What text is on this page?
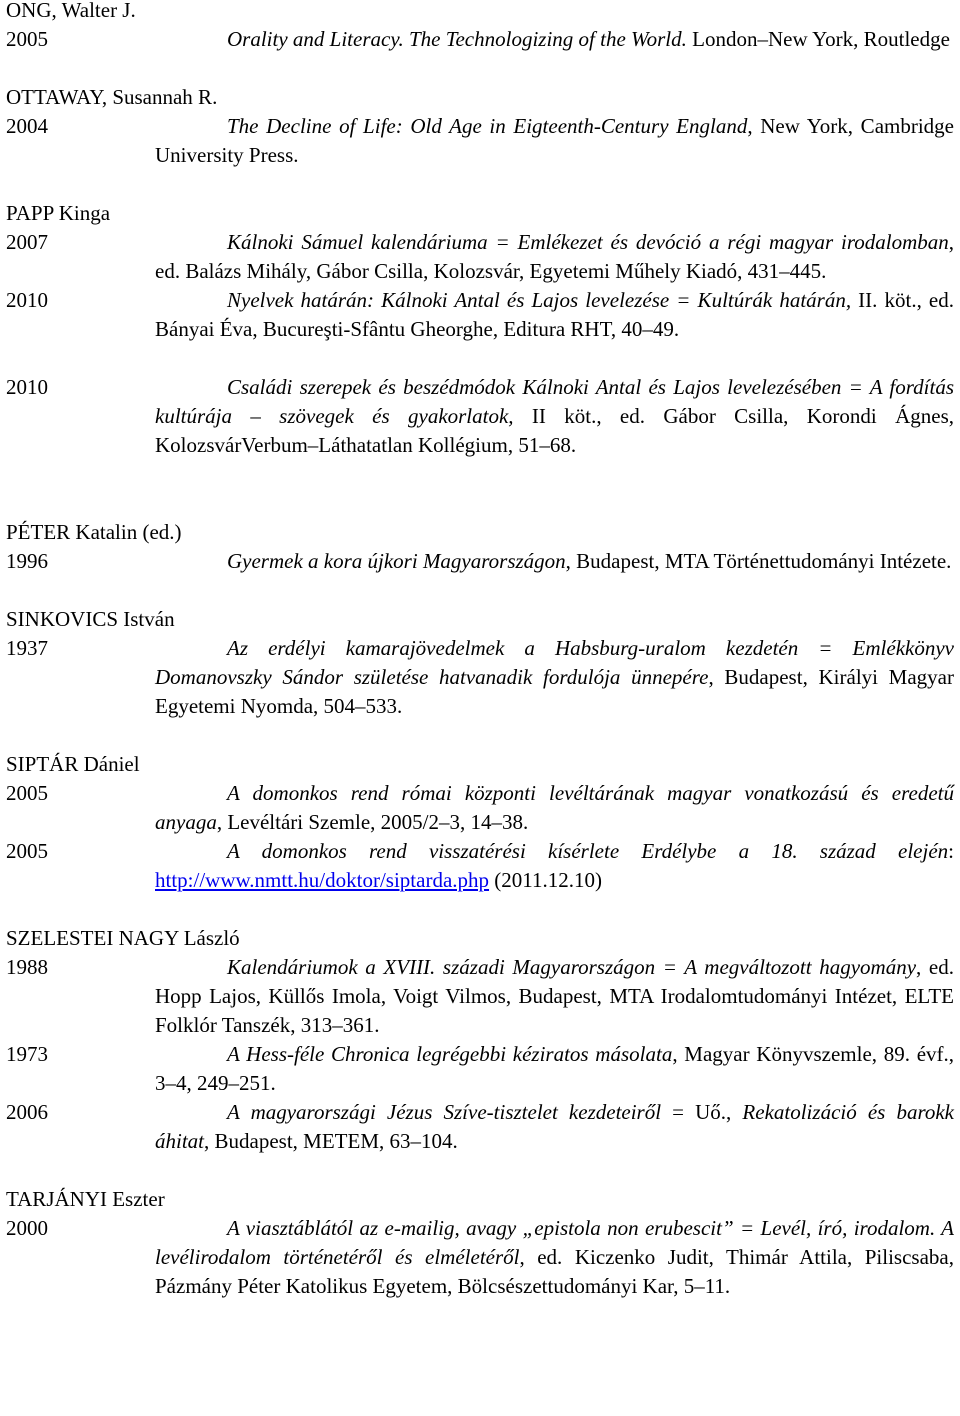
ONG, Walter J.
2005	Orality and Literacy. The Technologizing of the World. London–New York, Routledge
OTTAWAY, Susannah R.
2004	The Decline of Life: Old Age in Eigteenth-Century England, New York, Cambridge University Press.
PAPP Kinga
2007	Kálnoki Sámuel kalendáriuma = Emlékezet és devóció a régi magyar irodalomban, ed. Balázs Mihály, Gábor Csilla, Kolozsvár, Egyetemi Műhely Kiadó, 431–445.
2010	Nyelvek határán: Kálnoki Antal és Lajos levelezése = Kultúrák határán, II. köt., ed. Bányai Éva, Bucureşti-Sfântu Gheorghe, Editura RHT, 40–49.
2010	Családi szerepek és beszédmódok Kálnoki Antal és Lajos levelezésében = A fordítás kultúrája – szövegek és gyakorlatok, II köt., ed. Gábor Csilla, Korondi Ágnes, KolozsvárVerbum–Láthatatlan Kollégium, 51–68.
PÉTER Katalin (ed.)
1996	Gyermek a kora újkori Magyarországon, Budapest, MTA Történettudományi Intézete.
SINKOVICS István
1937	Az erdélyi kamarajövedelmek a Habsburg-uralom kezdetén = Emlékkönyv Domanovszky Sándor születése hatvanadik fordulója ünnepére, Budapest, Királyi Magyar Egyetemi Nyomda, 504–533.
SIPTÁR Dániel
2005	A domonkos rend római központi levéltárának magyar vonatkozású és eredetű anyaga, Levéltári Szemle, 2005/2–3, 14–38.
2005	A domonkos rend visszatérési kísérlete Erdélybe a 18. század elején: http://www.nmtt.hu/doktor/siptarda.php (2011.12.10)
SZELESTEI NAGY László
1988	Kalendáriumok a XVIII. századi Magyarországon = A megváltozott hagyomány, ed. Hopp Lajos, Küllős Imola, Voigt Vilmos, Budapest, MTA Irodalomtudományi Intézet, ELTE Folklór Tanszék, 313–361.
1973	A Hess-féle Chronica legrégebbi kéziratos másolata, Magyar Könyvszemle, 89. évf., 3–4, 249–251.
2006	A magyarországi Jézus Szíve-tisztelet kezdeteiről = Uő., Rekatolizáció és barokk áhitat, Budapest, METEM, 63–104.
TARJÁNYI Eszter
2000	A viasztáblától az e-mailig, avagy „epistola non erubescit” = Levél, író, irodalom. A levélirodalom történetéről és elméletéről, ed. Kiczenko Judit, Thimár Attila, Piliscsaba, Pázmány Péter Katolikus Egyetem, Bölcsészettudományi Kar, 5–11.
